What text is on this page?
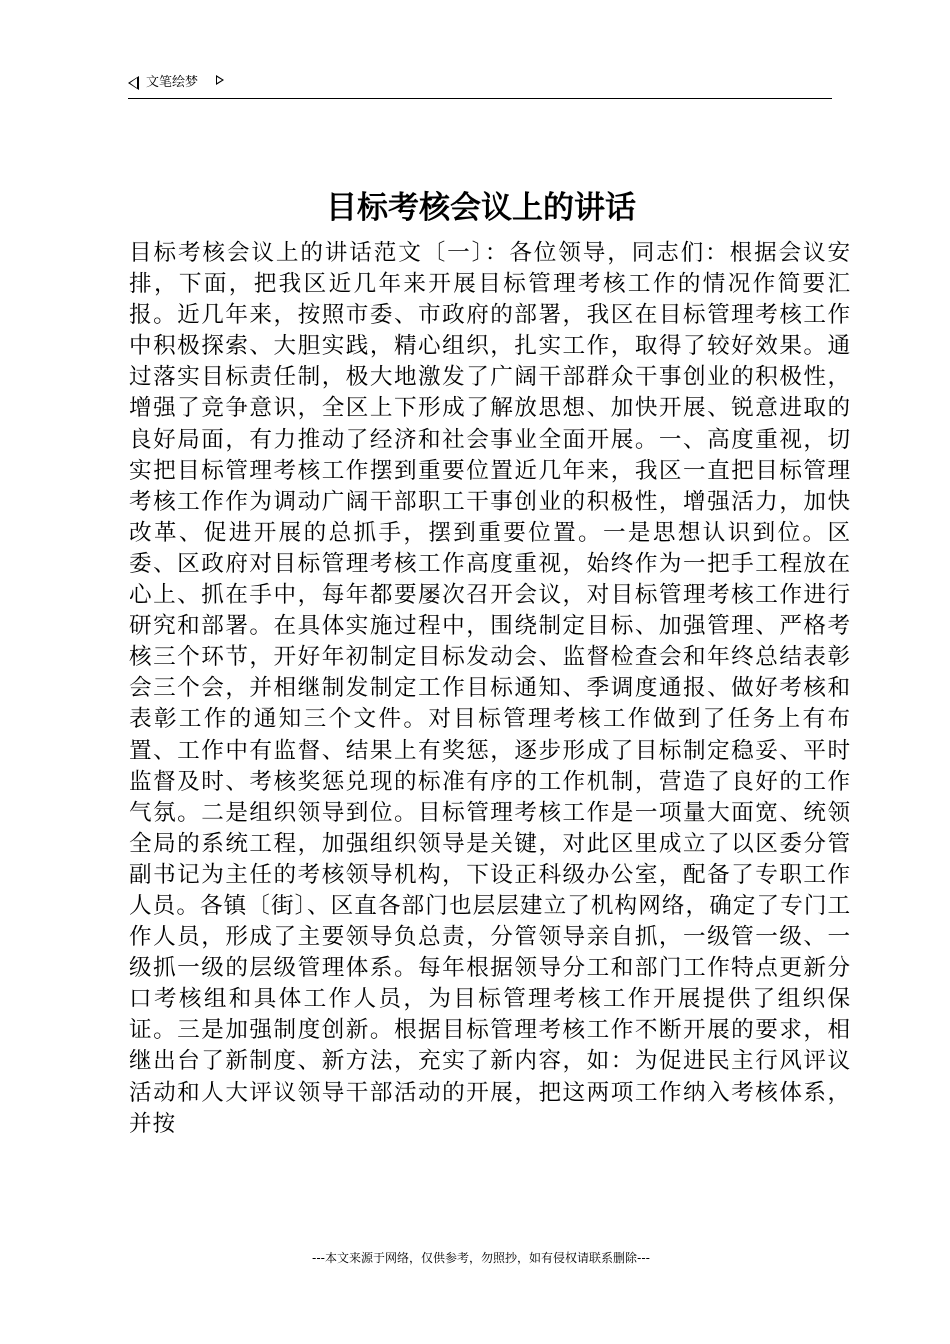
文笔绘梦
目标考核会议上的讲话

目标考核会议上的讲话范文〔一〕：各位领导，同志们：根据会议安排，下面，把我区近几年来开展目标管理考核工作的情况作简要汇报。近几年来，按照市委、市政府的部署，我区在目标管理考核工作中积极探索、大胆实践，精心组织，扎实工作，取得了较好效果。通过落实目标责任制，极大地激发了广阔干部群众干事创业的积极性，增强了竞争意识，全区上下形成了解放思想、加快开展、锐意进取的良好局面，有力推动了经济和社会事业全面开展。一、高度重视，切实把目标管理考核工作摆到重要位置近几年来，我区一直把目标管理考核工作作为调动广阔干部职工干事创业的积极性，增强活力，加快改革、促进开展的总抓手，摆到重要位置。一是思想认识到位。区委、区政府对目标管理考核工作高度重视，始终作为一把手工程放在心上、抓在手中，每年都要屡次召开会议，对目标管理考核工作进行研究和部署。在具体实施过程中，围绕制定目标、加强管理、严格考核三个环节，开好年初制定目标发动会、监督检查会和年终总结表彰会三个会，并相继制发制定工作目标通知、季调度通报、做好考核和表彰工作的通知三个文件。对目标管理考核工作做到了任务上有布置、工作中有监督、结果上有奖惩，逐步形成了目标制定稳妥、平时监督及时、考核奖惩兑现的标准有序的工作机制，营造了良好的工作气氛。二是组织领导到位。目标管理考核工作是一项量大面宽、统领全局的系统工程，加强组织领导是关键，对此区里成立了以区委分管副书记为主任的考核领导机构，下设正科级办公室，配备了专职工作人员。各镇〔街〕、区直各部门也层层建立了机构网络，确定了专门工作人员，形成了主要领导负总责，分管领导亲自抓，一级管一级、一级抓一级的层级管理体系。每年根据领导分工和部门工作特点更新分口考核组和具体工作人员，为目标管理考核工作开展提供了组织保证。三是加强制度创新。根据目标管理考核工作不断开展的要求，相继出台了新制度、新方法，充实了新内容，如：为促进民主行风评议活动和人大评议领导干部活动的开展，把这两项工作纳入考核体系，并按

---本文来源于网络，仅供参考，勿照抄，如有侵权请联系删除---
